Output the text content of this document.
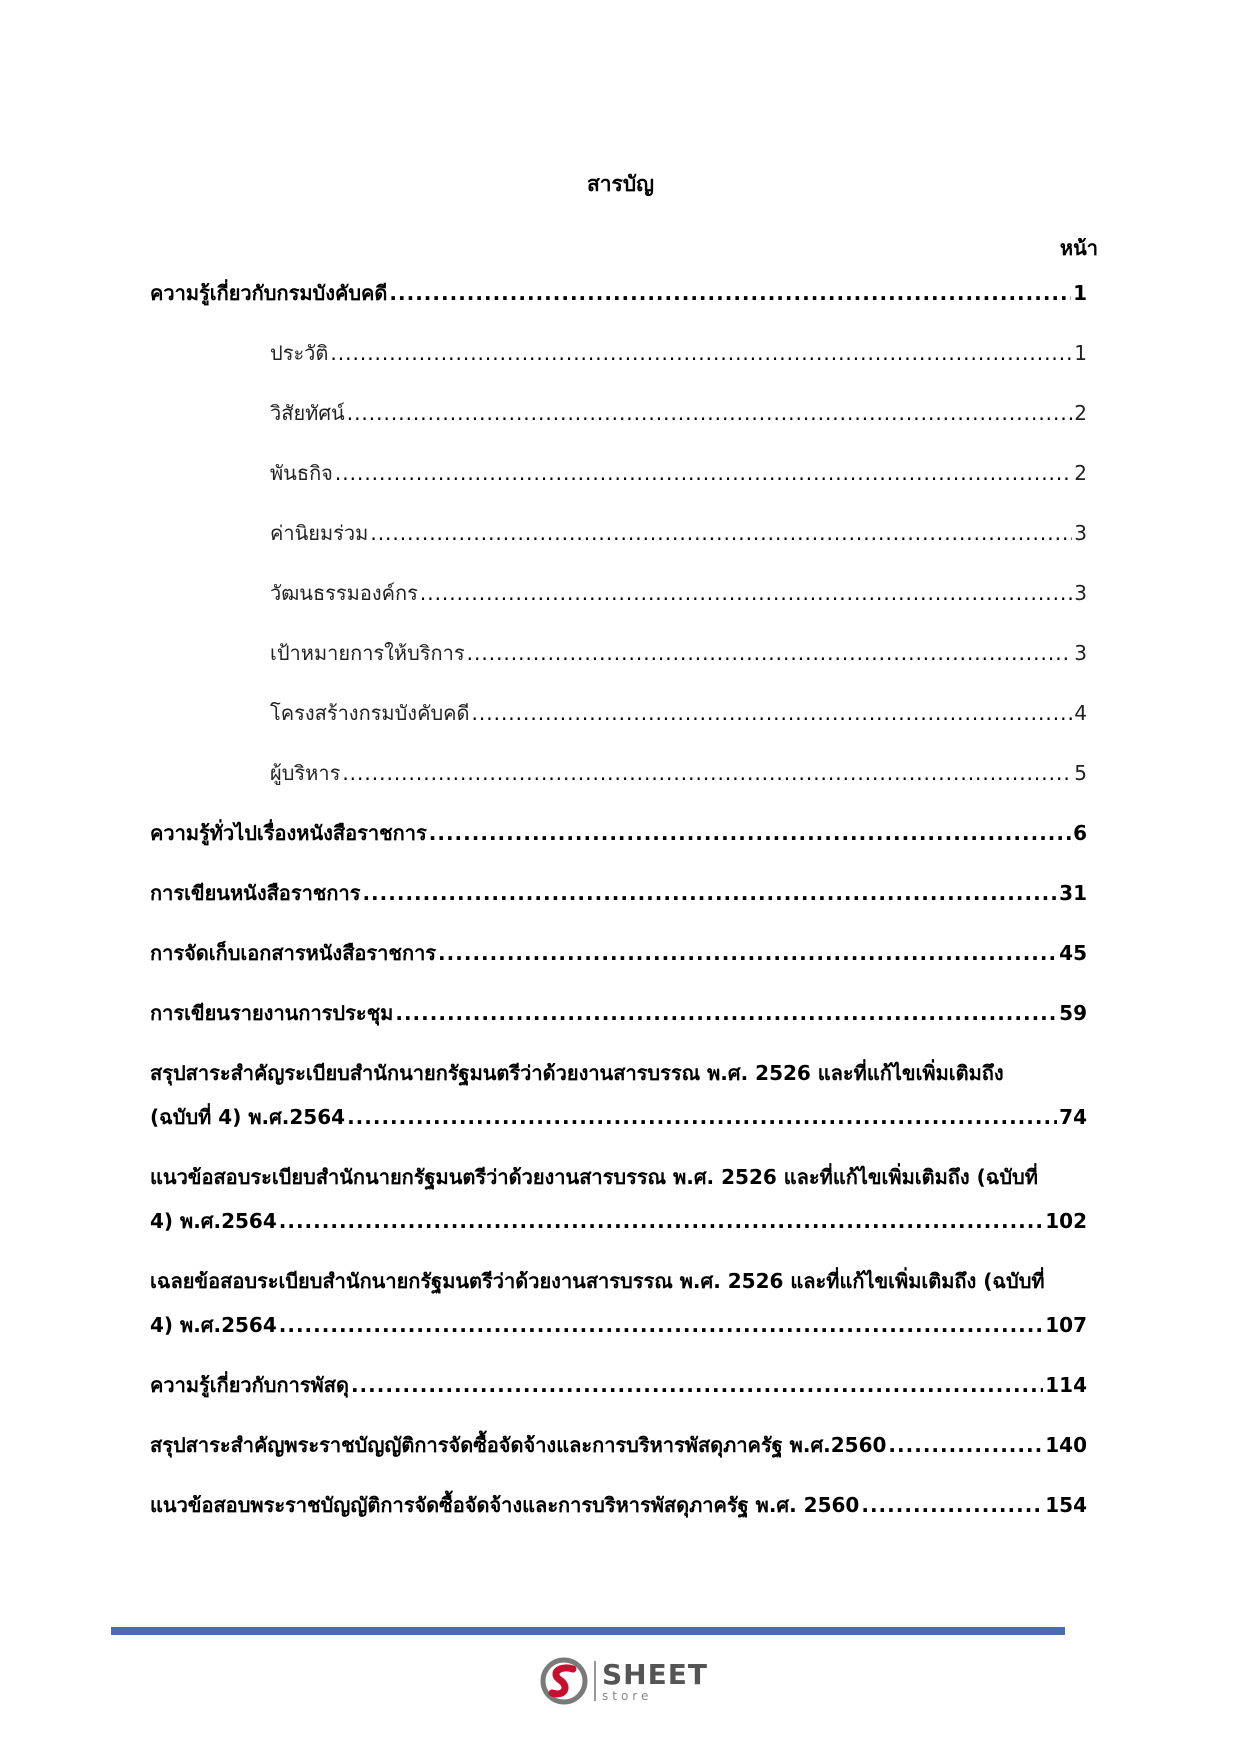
สารบัญ
หน้า
ความรู้เกี่ยวกับกรมบังคับคดี .....	1
ประวัติ .....	1
วิสัยทัศน์ .....	2
พันธกิจ .....	2
ค่านิยมร่วม .....	3
วัฒนธรรมองค์กร .....	3
เป้าหมายการให้บริการ .....	3
โครงสร้างกรมบังคับคดี .....	4
ผู้บริหาร .....	5
ความรู้ทั่วไปเรื่องหนังสือราชการ .....	6
การเขียนหนังสือราชการ .....	31
การจัดเก็บเอกสารหนังสือราชการ .....	45
การเขียนรายงานการประชุม .....	59
สรุปสาระสำคัญระเบียบสำนักนายกรัฐมนตรีว่าด้วยงานสารบรรณ พ.ศ. 2526 และที่แก้ไขเพิ่มเติมถึง
(ฉบับที่ 4) พ.ศ.2564 .....	74
แนวข้อสอบระเบียบสำนักนายกรัฐมนตรีว่าด้วยงานสารบรรณ พ.ศ. 2526 และที่แก้ไขเพิ่มเติมถึง (ฉบับที่
4) พ.ศ.2564 .....	102
เฉลยข้อสอบระเบียบสำนักนายกรัฐมนตรีว่าด้วยงานสารบรรณ พ.ศ. 2526 และที่แก้ไขเพิ่มเติมถึง (ฉบับที่
4) พ.ศ.2564 .....	107
ความรู้เกี่ยวกับการพัสดุ .....	114
สรุปสาระสำคัญพระราชบัญญัติการจัดซื้อจัดจ้างและการบริหารพัสดุภาครัฐ พ.ศ.2560 .....	140
แนวข้อสอบพระราชบัญญัติการจัดซื้อจัดจ้างและการบริหารพัสดุภาครัฐ พ.ศ. 2560 .....	154
SHEET
store
